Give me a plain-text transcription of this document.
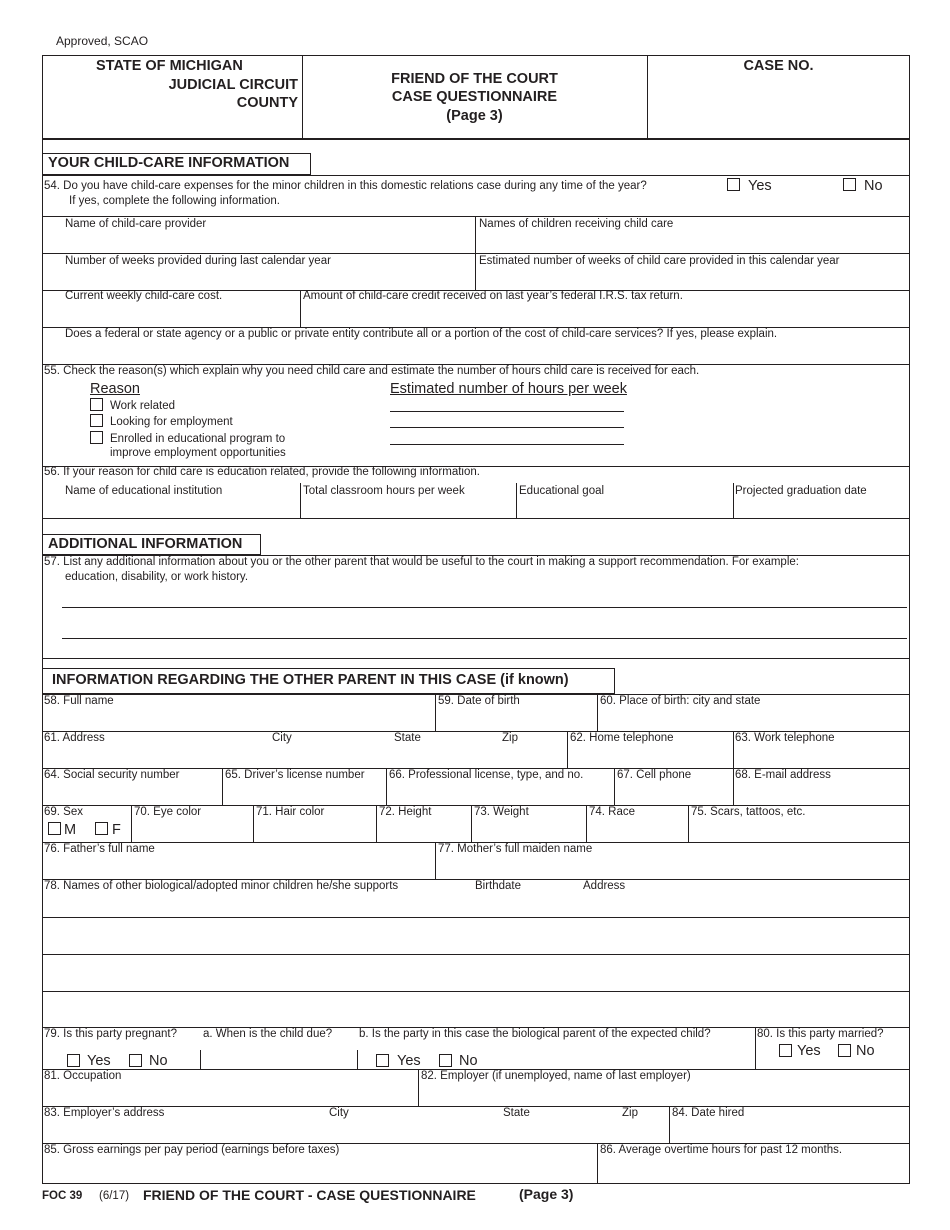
Approved, SCAO
STATE OF MICHIGAN
JUDICIAL CIRCUIT
COUNTY
FRIEND OF THE COURT
CASE QUESTIONNAIRE
(Page 3)
CASE NO.
YOUR CHILD-CARE INFORMATION
54. Do you have child-care expenses for the minor children in this domestic relations case during any time of the year?
If yes, complete the following information.
Yes	No
Name of child-care provider	Names of children receiving child care
Number of weeks provided during last calendar year	Estimated number of weeks of child care provided in this calendar year
Current weekly child-care cost.	Amount of child-care credit received on last year’s federal I.R.S. tax return.
Does a federal or state agency or a public or private entity contribute all or a portion of the cost of child-care services? If yes, please explain.
55. Check the reason(s) which explain why you need child care and estimate the number of hours child care is received for each.
Reason	Estimated number of hours per week
Work related
Looking for employment
Enrolled in educational program to
improve employment opportunities
56. If your reason for child care is education related, provide the following information.
Name of educational institution	Total classroom hours per week	Educational goal	Projected graduation date
ADDITIONAL INFORMATION
57. List any additional information about you or the other parent that would be useful to the court in making a support recommendation. For example:
education, disability, or work history.
INFORMATION REGARDING THE OTHER PARENT IN THIS CASE (if known)
58. Full name	59. Date of birth	60. Place of birth: city and state
61. Address	City	State	Zip	62. Home telephone	63. Work telephone
64. Social security number	65. Driver’s license number 66. Professional license, type, and no.	67. Cell phone	68. E-mail address
69. Sex
M F
70. Eye color	71. Hair color	72. Height	73. Weight	74. Race	75. Scars, tattoos, etc.
76. Father’s full name	77. Mother’s full maiden name
78. Names of other biological/adopted minor children he/she supports	Birthdate	Address
79. Is this party pregnant? a. When is the child due? b. Is the party in this case the biological parent of the expected child?
Yes	No	Yes	No
80. Is this party married?
Yes No
81. Occupation	82. Employer (if unemployed, name of last employer)
83. Employer’s address	City	State	Zip	84. Date hired
85. Gross earnings per pay period (earnings before taxes)	86. Average overtime hours for past 12 months.
FOC 39 (6/17) FRIEND OF THE COURT - CASE QUESTIONNAIRE	(Page 3)
